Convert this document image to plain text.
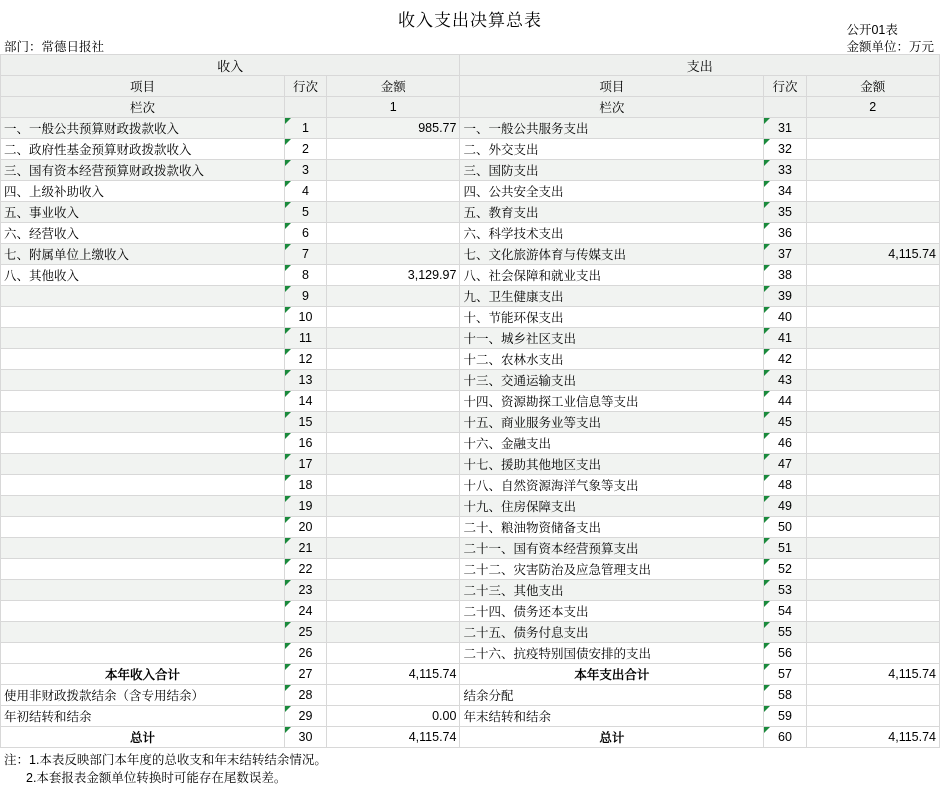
收入支出决算总表	公开01表
金额单位：万元
部门：常德日报社
收入			支出		
项目	行次	金额	项目	行次	金额
栏次		1	栏次		2
一、一般公共预算财政拨款收入	1	985.77	一、一般公共服务支出	31	
二、政府性基金预算财政拨款收入	2		二、外交支出	32	
三、国有资本经营预算财政拨款收入	3		三、国防支出	33	
四、上级补助收入	4		四、公共安全支出	34	
五、事业收入	5		五、教育支出	35	
六、经营收入	6		六、科学技术支出	36	
七、附属单位上缴收入	7		七、文化旅游体育与传媒支出	37	4,115.74
八、其他收入	8	3,129.97	八、社会保障和就业支出	38	
	9		九、卫生健康支出	39	
	10		十、节能环保支出	40	
	11		十一、城乡社区支出	41	
	12		十二、农林水支出	42	
	13		十三、交通运输支出	43	
	14		十四、资源勘探工业信息等支出	44	
	15		十五、商业服务业等支出	45	
	16		十六、金融支出	46	
	17		十七、援助其他地区支出	47	
	18		十八、自然资源海洋气象等支出	48	
	19		十九、住房保障支出	49	
	20		二十、粮油物资储备支出	50	
	21		二十一、国有资本经营预算支出	51	
	22		二十二、灾害防治及应急管理支出	52	
	23		二十三、其他支出	53	
	24		二十四、债务还本支出	54	
	25		二十五、债务付息支出	55	
	26		二十六、抗疫特别国债安排的支出	56	
本年收入合计	27	4,115.74	本年支出合计	57	4,115.74
使用非财政拨款结余（含专用结余）	28		结余分配	58	
年初结转和结余	29	0.00	年末结转和结余	59	
总计	30	4,115.74	总计	60	4,115.74
注：1.本表反映部门本年度的总收支和年末结转结余情况。
2.本套报表金额单位转换时可能存在尾数误差。
